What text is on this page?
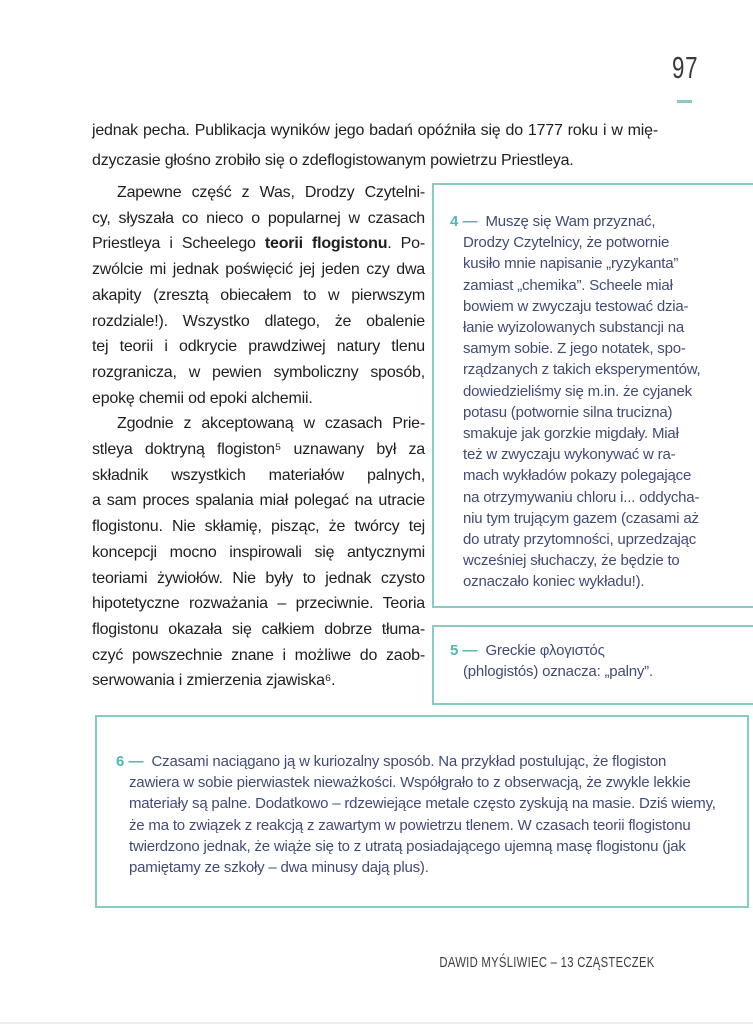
97
jednak pecha. Publikacja wyników jego badań opóźniła się do 1777 roku i w mię-
dzyczasie głośno zrobiło się o zdeflogistowanym powietrzu Priestleya.
Zapewne część z Was, Drodzy Czytelni-
cy, słyszała co nieco o popularnej w czasach
Priestleya i Scheelego teorii flogistonu. Po-
zwólcie mi jednak poświęcić jej jeden czy dwa
akapity (zresztą obiecałem to w pierwszym
rozdziale!). Wszystko dlatego, że obalenie
tej teorii i odkrycie prawdziwej natury tlenu
rozgranicza, w pewien symboliczny sposób,
epokę chemii od epoki alchemii.
Zgodnie z akceptowaną w czasach Prie-
stleya doktryną flogiston⁵ uznawany był za
składnik wszystkich materiałów palnych,
a sam proces spalania miał polegać na utracie
flogistonu. Nie skłamię, pisząc, że twórcy tej
koncepcji mocno inspirowali się antycznymi
teoriami żywiołów. Nie były to jednak czysto
hipotetyczne rozważania – przeciwnie. Teoria
flogistonu okazała się całkiem dobrze tłuma-
czyć powszechnie znane i możliwe do zaob-
serwowania i zmierzenia zjawiska⁶.
4 — Muszę się Wam przyznać,
Drodzy Czytelnicy, że potwornie
kusiło mnie napisanie „ryzykanta”
zamiast „chemika”. Scheele miał
bowiem w zwyczaju testować dzia-
łanie wyizolowanych substancji na
samym sobie. Z jego notatek, spo-
rządzanych z takich eksperymentów,
dowiedzieliśmy się m.in. że cyjanek
potasu (potwornie silna trucizna)
smakuje jak gorzkie migdały. Miał
też w zwyczaju wykonywać w ra-
mach wykładów pokazy polegające
na otrzymywaniu chloru i... oddycha-
niu tym trującym gazem (czasami aż
do utraty przytomności, uprzedzając
wcześniej słuchaczy, że będzie to
oznaczało koniec wykładu!).
5 — Greckie φλογιστός
(phlogistós) oznacza: „palny”.
6 — Czasami naciągano ją w kuriozalny sposób. Na przykład postulując, że flogiston
zawiera w sobie pierwiastek nieważkości. Współgrało to z obserwacją, że zwykle lekkie
materiały są palne. Dodatkowo – rdzewiejące metale często zyskują na masie. Dziś wiemy,
że ma to związek z reakcją z zawartym w powietrzu tlenem. W czasach teorii flogistonu
twierdzono jednak, że wiąże się to z utratą posiadającego ujemną masę flogistonu (jak
pamiętamy ze szkoły – dwa minusy dają plus).
DAWID MYŚLIWIEC – 13 CZĄSTECZEK
